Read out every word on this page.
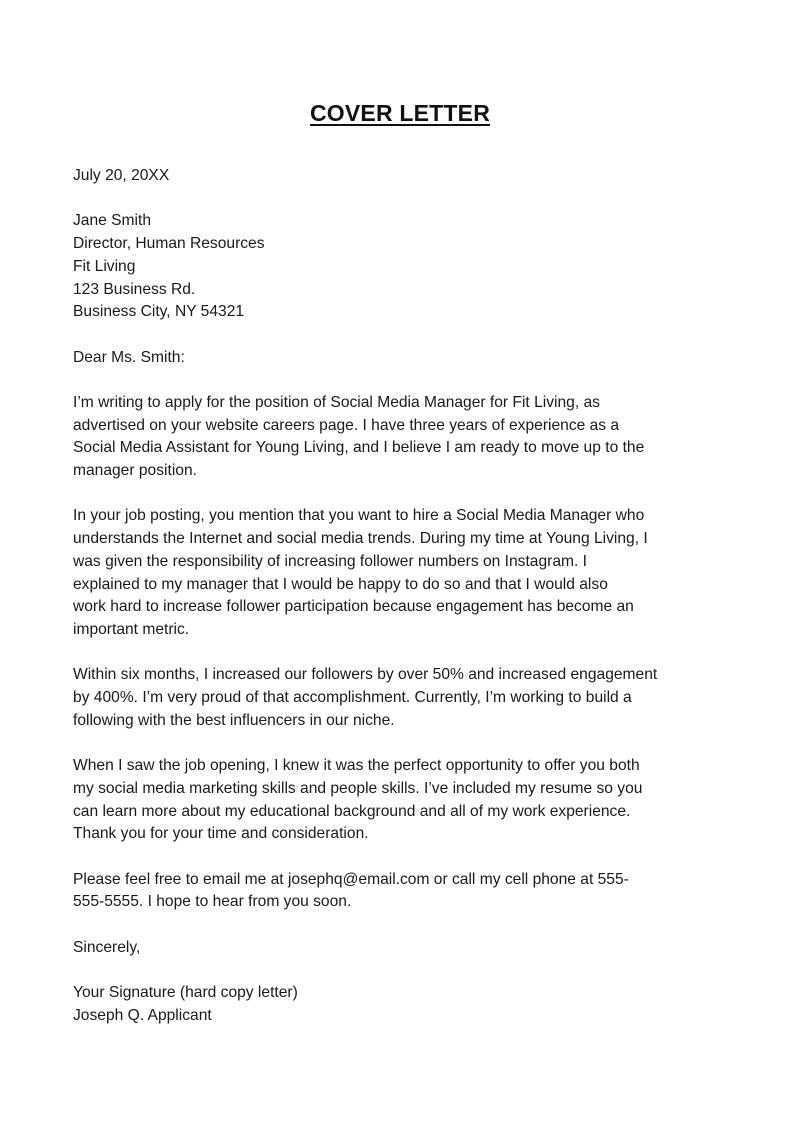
COVER LETTER
July 20, 20XX
Jane Smith
Director, Human Resources
Fit Living
123 Business Rd.
Business City, NY 54321
Dear Ms. Smith:
I’m writing to apply for the position of Social Media Manager for Fit Living, as
advertised on your website careers page. I have three years of experience as a
Social Media Assistant for Young Living, and I believe I am ready to move up to the
manager position.
In your job posting, you mention that you want to hire a Social Media Manager who
understands the Internet and social media trends. During my time at Young Living, I
was given the responsibility of increasing follower numbers on Instagram. I
explained to my manager that I would be happy to do so and that I would also
work hard to increase follower participation because engagement has become an
important metric.
Within six months, I increased our followers by over 50% and increased engagement
by 400%. I’m very proud of that accomplishment. Currently, I’m working to build a
following with the best influencers in our niche.
When I saw the job opening, I knew it was the perfect opportunity to offer you both
my social media marketing skills and people skills. I’ve included my resume so you
can learn more about my educational background and all of my work experience.
Thank you for your time and consideration.
Please feel free to email me at josephq@email.com or call my cell phone at 555-
555-5555. I hope to hear from you soon.
Sincerely,
Your Signature (hard copy letter)
Joseph Q. Applicant
